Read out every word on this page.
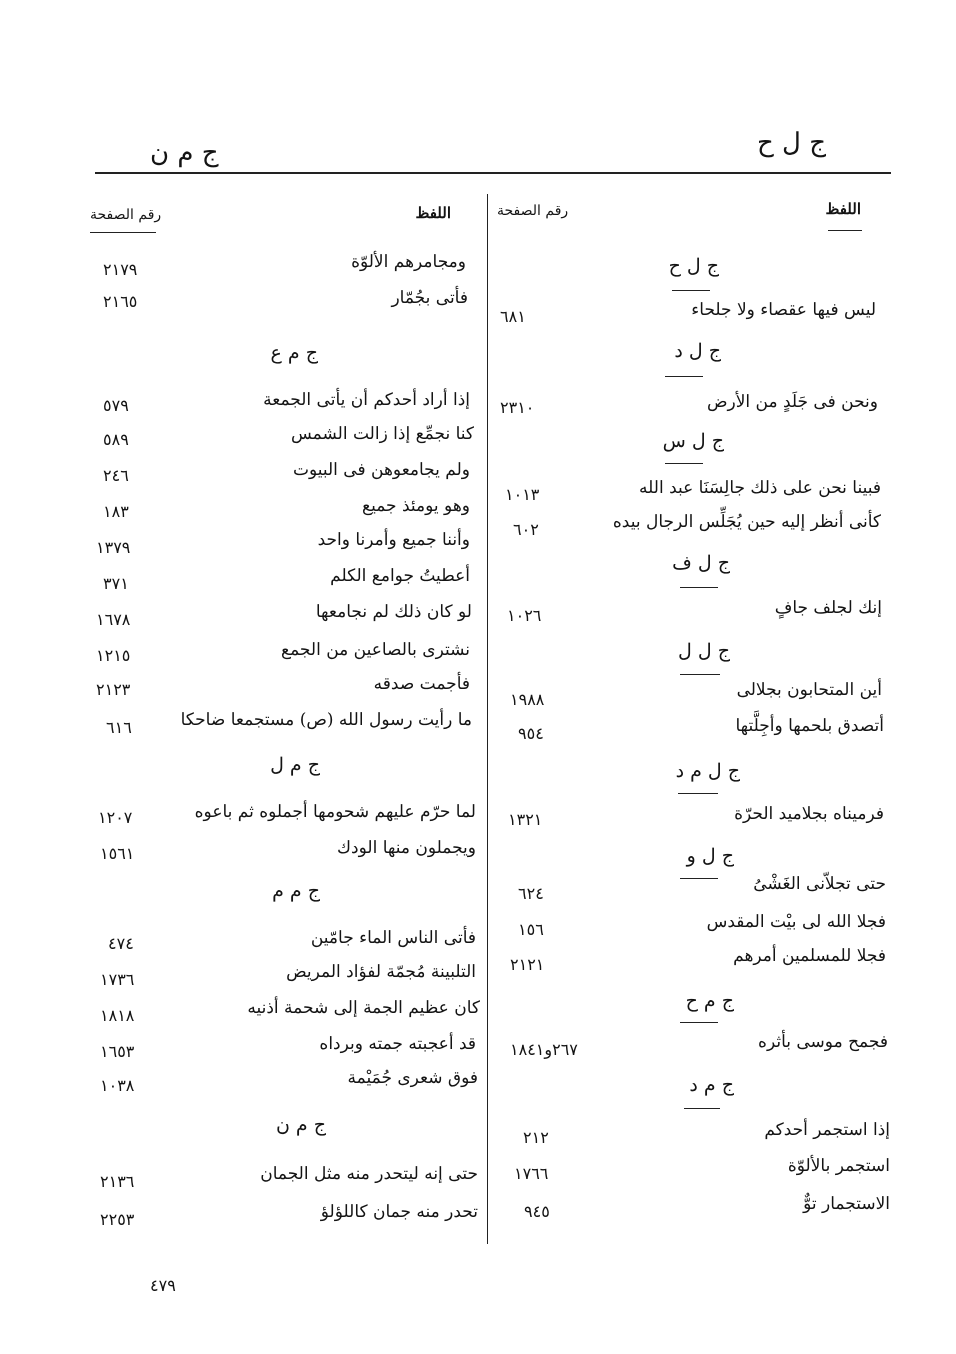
ج ل ح
ج م ن
اللفظ
رقم الصفحة
اللفظ
رقم الصفحة
ج ل ح
ليس فيها عقصاء ولا جلحاء
٦٨١
ج ل د
ونحن فى جَلَدٍ من الأرض
٢٣١٠
ج ل س
فبينا نحن على ذلك جالِسَنَا عبد الله
١٠١٣
كأنى أنظر إليه حين يُجَلِّس الرجال بيده
٦٠٢
ج ل ف
إنك لجلف جافٍ
١٠٢٦
ج ل ل
أين المتحابون بجلالى
١٩٨٨
أتصدق بلحمها وأجِلَّتها
٩٥٤
ج ل م د
فرميناه بجلاميد الحرّة
١٣٢١
ج ل و
حتى تجلاّنى الغَشْىُ
٦٢٤
فجلا الله لى بيْت المقدس
١٥٦
فجلا للمسلمين أمرهم
٢١٢١
ج م ح
فجمح موسى بأثره
٢٦٧و١٨٤١
ج م د
إذا استجمر أحدكم
٢١٢
استجمر بالألوّة
١٧٦٦
الاستجمار توٌّ
٩٤٥
ومجامرهم الألوّة
٢١٧٩
فأتى بجُمّار
٢١٦٥
ج م ع
إذا أراد أحدكم أن يأتى الجمعة
٥٧٩
كنا نجمِّع إذا زالت الشمس
٥٨٩
ولم يجامعوهن فى البيوت
٢٤٦
وهو يومئذ جميع
١٨٣
وأننا جميع وأمرنا واحد
١٣٧٩
أعطيتُ جوامع الكلم
٣٧١
لو كان ذلك لم نجامعها
١٦٧٨
نشترى بالصاعين من الجمع
١٢١٥
فأجمت صدقه
٢١٢٣
ما رأيت رسول الله (ص) مستجمعا ضاحكا
٦١٦
ج م ل
لما حرّم عليهم شحومها أجملوه ثم باعوه
١٢٠٧
ويجملون منها الودك
١٥٦١
ج م م
فأتى الناس الماء جامّين
٤٧٤
التلبينة مُجمّة لفؤاد المريض
١٧٣٦
كان عظيم الجمة إلى شحمة أذنيه
١٨١٨
قد أعجبته جمته وبرداه
١٦٥٣
فوق شعرى جُمَيْمة
١٠٣٨
ج م ن
حتى إنه ليتحدر منه مثل الجمان
٢١٣٦
تحدر منه جمان كاللؤلؤ
٢٢٥٣
٤٧٩
